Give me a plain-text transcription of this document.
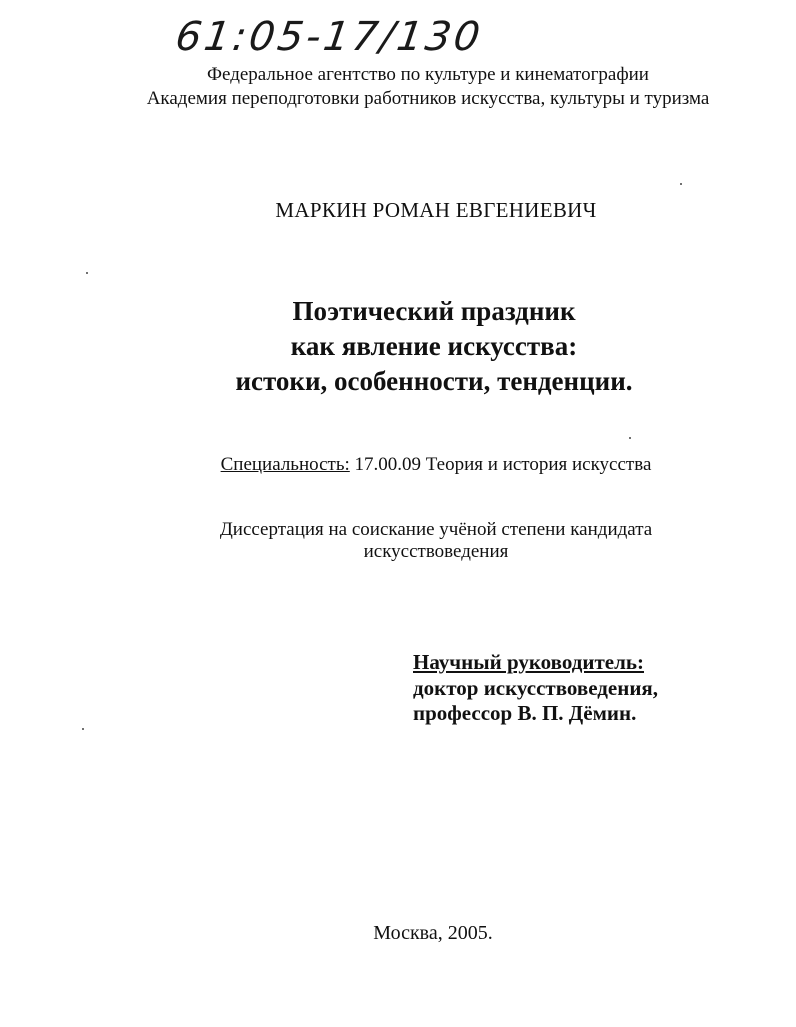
61:05-17/130
Федеральное агентство по культуре и кинематографии
Академия переподготовки работников искусства, культуры и туризма
МАРКИН РОМАН ЕВГЕНИЕВИЧ
Поэтический праздник
как явление искусства:
истоки, особенности, тенденции.
Специальность: 17.00.09 Теория и история искусства
Диссертация на соискание учёной степени кандидата
искусствоведения
Научный руководитель:
доктор искусствоведения,
профессор В. П. Дёмин.
Москва, 2005.
